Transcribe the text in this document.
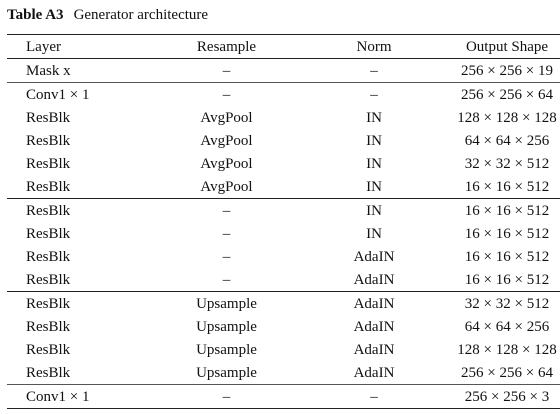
Table A3 Generator architecture
Layer	Resample	Norm	Output Shape
Mask x	–	–	256 × 256 × 19
Conv1 × 1	–	–	256 × 256 × 64
ResBlk	AvgPool	IN	128 × 128 × 128
ResBlk	AvgPool	IN	64 × 64 × 256
ResBlk	AvgPool	IN	32 × 32 × 512
ResBlk	AvgPool	IN	16 × 16 × 512
ResBlk	–	IN	16 × 16 × 512
ResBlk	–	IN	16 × 16 × 512
ResBlk	–	AdaIN	16 × 16 × 512
ResBlk	–	AdaIN	16 × 16 × 512
ResBlk	Upsample	AdaIN	32 × 32 × 512
ResBlk	Upsample	AdaIN	64 × 64 × 256
ResBlk	Upsample	AdaIN	128 × 128 × 128
ResBlk	Upsample	AdaIN	256 × 256 × 64
Conv1 × 1	–	–	256 × 256 × 3
